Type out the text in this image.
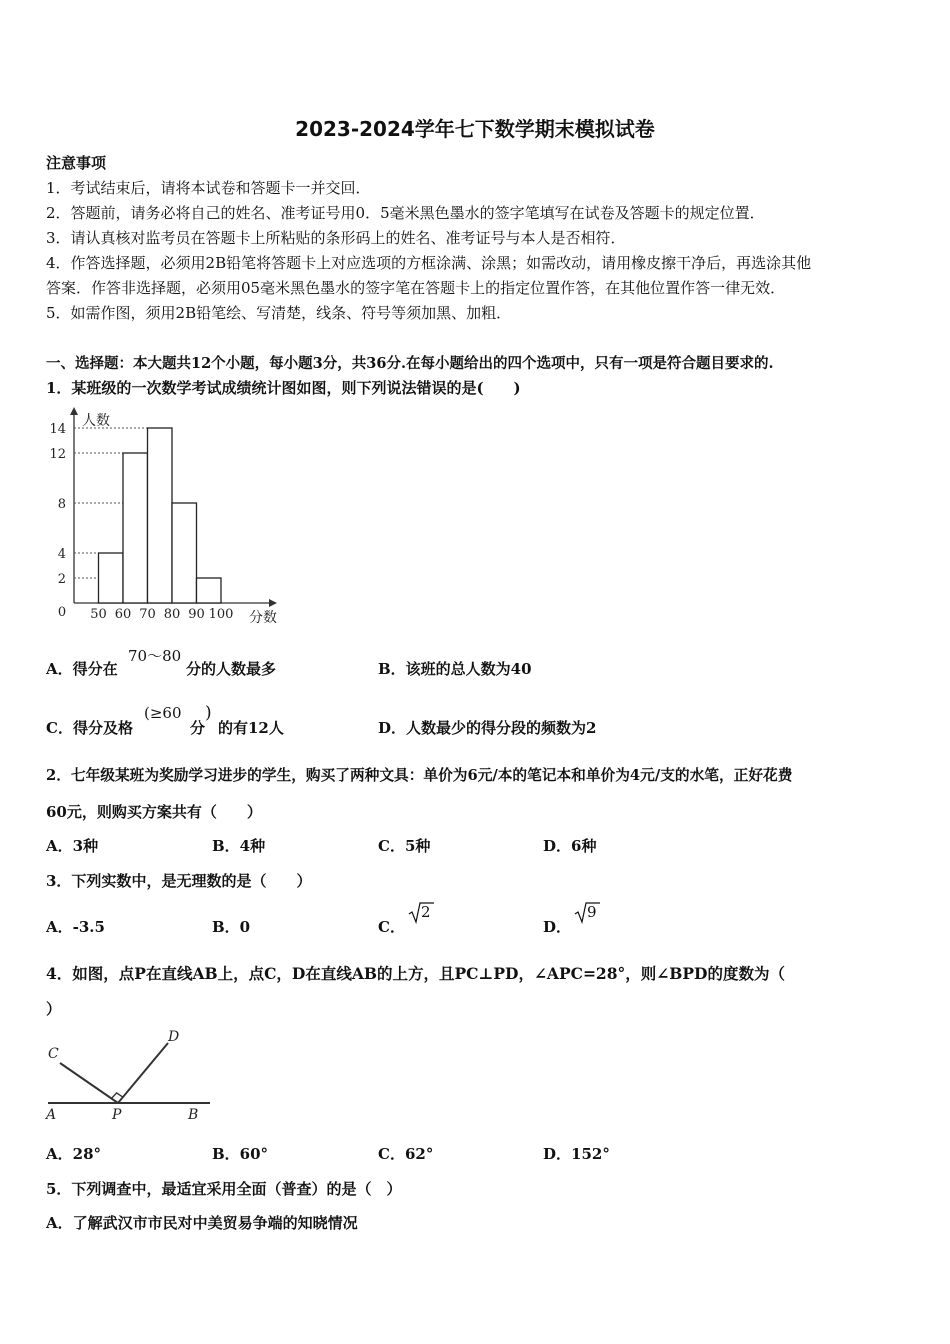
2023-2024学年七下数学期末模拟试卷
注意事项
1．考试结束后，请将本试卷和答题卡一并交回．
2．答题前，请务必将自己的姓名、准考证号用0．5毫米黑色墨水的签字笔填写在试卷及答题卡的规定位置．
3．请认真核对监考员在答题卡上所粘贴的条形码上的姓名、准考证号与本人是否相符．
4．作答选择题，必须用2B铅笔将答题卡上对应选项的方框涂满、涂黑；如需改动，请用橡皮擦干净后，再选涂其他
答案．作答非选择题，必须用05毫米黑色墨水的签字笔在答题卡上的指定位置作答，在其他位置作答一律无效．
5．如需作图，须用2B铅笔绘、写清楚，线条、符号等须加黑、加粗．
一、选择题：本大题共12个小题，每小题3分，共36分.在每小题给出的四个选项中，只有一项是符合题目要求的.
1．某班级的一次数学考试成绩统计图如图，则下列说法错误的是(　　)
2
4
8
12
14
50 60 70 80 90 100
0
人数
分数
A．得分在
70～80
分的人数最多	B．该班的总人数为40
C．得分及格
(≥60
分
)
的有12人	D．人数最少的得分段的频数为2
2．七年级某班为奖励学习进步的学生，购买了两种文具：单价为6元/本的笔记本和单价为4元/支的水笔，正好花费
60元，则购买方案共有（　　）
A．3种	B．4种	C．5种	D．6种
3．下列实数中，是无理数的是（　　）
A．-3.5	B．0	C．
2
D．
9
4．如图，点P在直线AB上，点C，D在直线AB的上方，且PC⊥PD，∠APC=28°，则∠BPD的度数为（
）
C
D
A	P	B
A．28°	B．60°	C．62°	D．152°
5．下列调查中，最适宜采用全面（普查）的是（　）
A．了解武汉市市民对中美贸易争端的知晓情况
